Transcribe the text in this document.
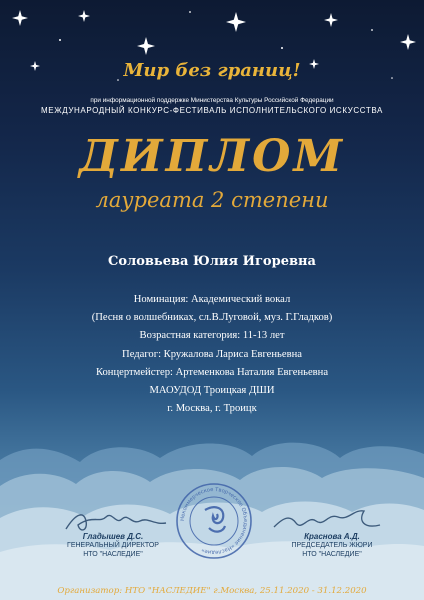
Мир без границ!
при информационной поддержке Министерства Культуры Российской Федерации
МЕЖДУНАРОДНЫЙ КОНКУРС-ФЕСТИВАЛЬ ИСПОЛНИТЕЛЬСКОГО ИСКУССТВА
ДИПЛОМ
лауреата 2 степени
Соловьева Юлия Игоревна
Номинация: Академический вокал
(Песня о волшебниках, сл.В.Луговой, муз. Г.Гладков)
Возрастная категория: 11-13 лет
Педагог: Кружалова Лариса Евгеньевна
Концертмейстер: Артеменкова Наталия Евгеньевна
МАОУДОД Троицкая ДШИ
г. Москва, г. Троицк
Гладышев Д.С.
ГЕНЕРАЛЬНЫЙ ДИРЕКТОР
НТО "НАСЛЕДИЕ"
Краснова А.Д.
ПРЕДСЕДАТЕЛЬ ЖЮРИ
НТО "НАСЛЕДИЕ"
Некоммерческое Творческое Объединение «Наследие»
Организатор: НТО "НАСЛЕДИЕ" г.Москва, 25.11.2020 - 31.12.2020
